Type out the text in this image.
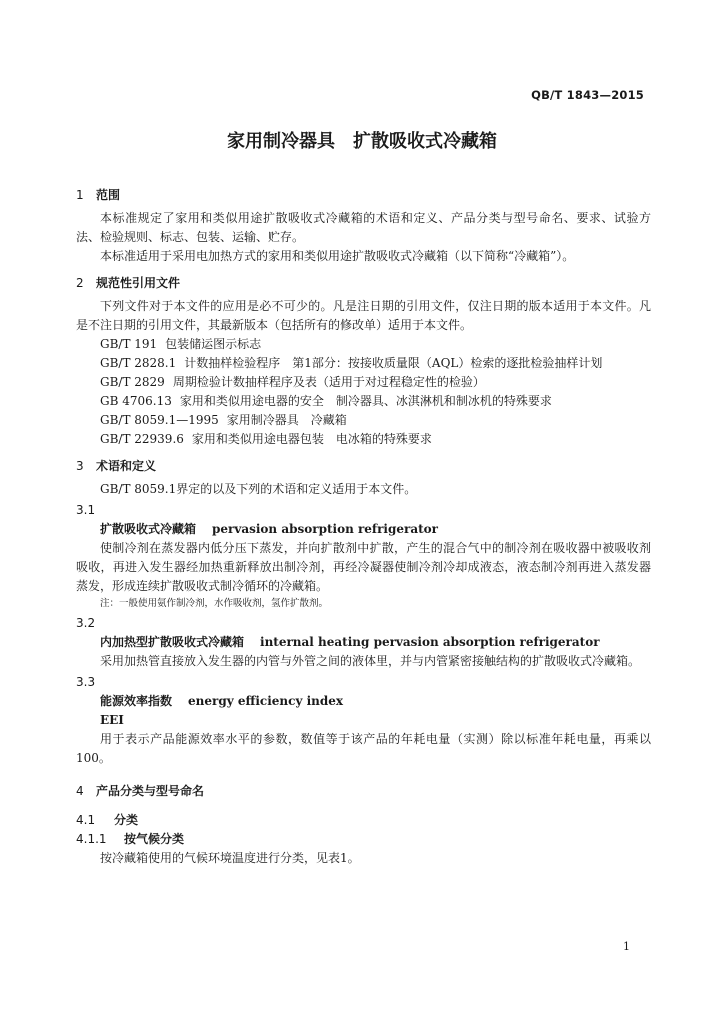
QB/T 1843—2015
家用制冷器具　扩散吸收式冷藏箱
1 范围
本标准规定了家用和类似用途扩散吸收式冷藏箱的术语和定义、产品分类与型号命名、要求、试验方法、检验规则、标志、包装、运输、贮存。
本标准适用于采用电加热方式的家用和类似用途扩散吸收式冷藏箱（以下简称“冷藏箱”）。
2 规范性引用文件
下列文件对于本文件的应用是必不可少的。凡是注日期的引用文件，仅注日期的版本适用于本文件。凡是不注日期的引用文件，其最新版本（包括所有的修改单）适用于本文件。
GB/T 191 包装储运图示标志
GB/T 2828.1 计数抽样检验程序　第1部分：按接收质量限（AQL）检索的逐批检验抽样计划
GB/T 2829 周期检验计数抽样程序及表（适用于对过程稳定性的检验）
GB 4706.13 家用和类似用途电器的安全　制冷器具、冰淇淋机和制冰机的特殊要求
GB/T 8059.1—1995 家用制冷器具　冷藏箱
GB/T 22939.6 家用和类似用途电器包装　电冰箱的特殊要求
3 术语和定义
GB/T 8059.1界定的以及下列的术语和定义适用于本文件。
3.1
扩散吸收式冷藏箱 pervasion absorption refrigerator
使制冷剂在蒸发器内低分压下蒸发，并向扩散剂中扩散，产生的混合气中的制冷剂在吸收器中被吸收剂吸收，再进入发生器经加热重新释放出制冷剂，再经冷凝器使制冷剂冷却成液态，液态制冷剂再进入蒸发器蒸发，形成连续扩散吸收式制冷循环的冷藏箱。
注：一般使用氨作制冷剂，水作吸收剂，氢作扩散剂。
3.2
内加热型扩散吸收式冷藏箱 internal heating pervasion absorption refrigerator
采用加热管直接放入发生器的内管与外管之间的液体里，并与内管紧密接触结构的扩散吸收式冷藏箱。
3.3
能源效率指数 energy efficiency index
EEI
用于表示产品能源效率水平的参数，数值等于该产品的年耗电量（实测）除以标准年耗电量，再乘以100。
4 产品分类与型号命名
4.1 分类
4.1.1 按气候分类
按冷藏箱使用的气候环境温度进行分类，见表1。
1
